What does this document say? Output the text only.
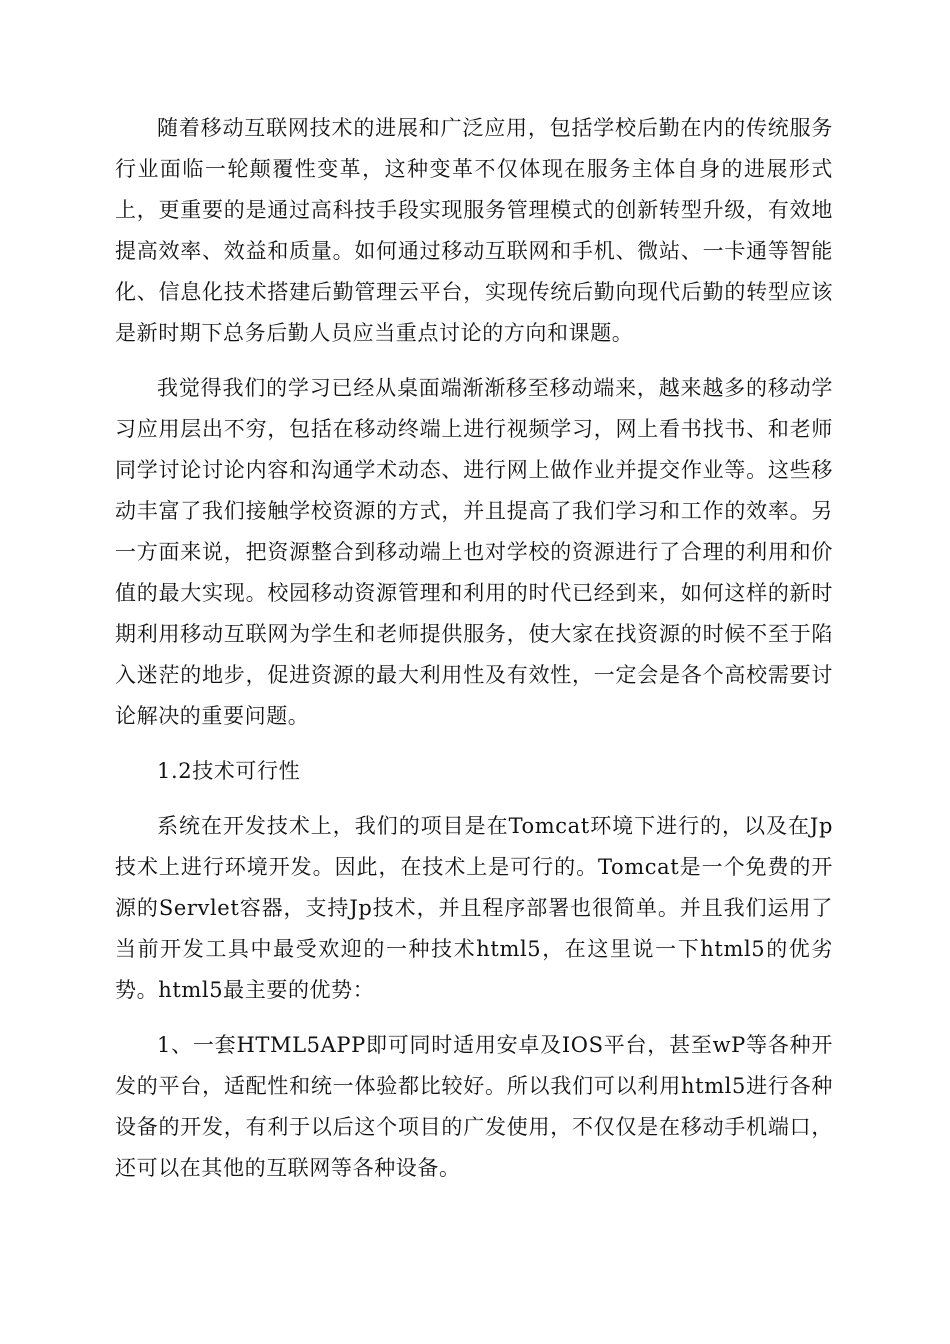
随着移动互联网技术的进展和广泛应用，包括学校后勤在内的传统服务行业面临一轮颠覆性变革，这种变革不仅体现在服务主体自身的进展形式上，更重要的是通过高科技手段实现服务管理模式的创新转型升级，有效地提高效率、效益和质量。如何通过移动互联网和手机、微站、一卡通等智能化、信息化技术搭建后勤管理云平台，实现传统后勤向现代后勤的转型应该是新时期下总务后勤人员应当重点讨论的方向和课题。

我觉得我们的学习已经从桌面端渐渐移至移动端来，越来越多的移动学习应用层出不穷，包括在移动终端上进行视频学习，网上看书找书、和老师同学讨论讨论内容和沟通学术动态、进行网上做作业并提交作业等。这些移动丰富了我们接触学校资源的方式，并且提高了我们学习和工作的效率。另一方面来说，把资源整合到移动端上也对学校的资源进行了合理的利用和价值的最大实现。校园移动资源管理和利用的时代已经到来，如何这样的新时期利用移动互联网为学生和老师提供服务，使大家在找资源的时候不至于陷入迷茫的地步，促进资源的最大利用性及有效性，一定会是各个高校需要讨论解决的重要问题。

1.2技术可行性

系统在开发技术上，我们的项目是在Tomcat环境下进行的，以及在Jp技术上进行环境开发。因此，在技术上是可行的。Tomcat是一个免费的开源的Servlet容器，支持Jp技术，并且程序部署也很简单。并且我们运用了当前开发工具中最受欢迎的一种技术html5，在这里说一下html5的优劣势。html5最主要的优势：

1、一套HTML5APP即可同时适用安卓及IOS平台，甚至wP等各种开发的平台，适配性和统一体验都比较好。所以我们可以利用html5进行各种设备的开发，有利于以后这个项目的广发使用，不仅仅是在移动手机端口，还可以在其他的互联网等各种设备。
